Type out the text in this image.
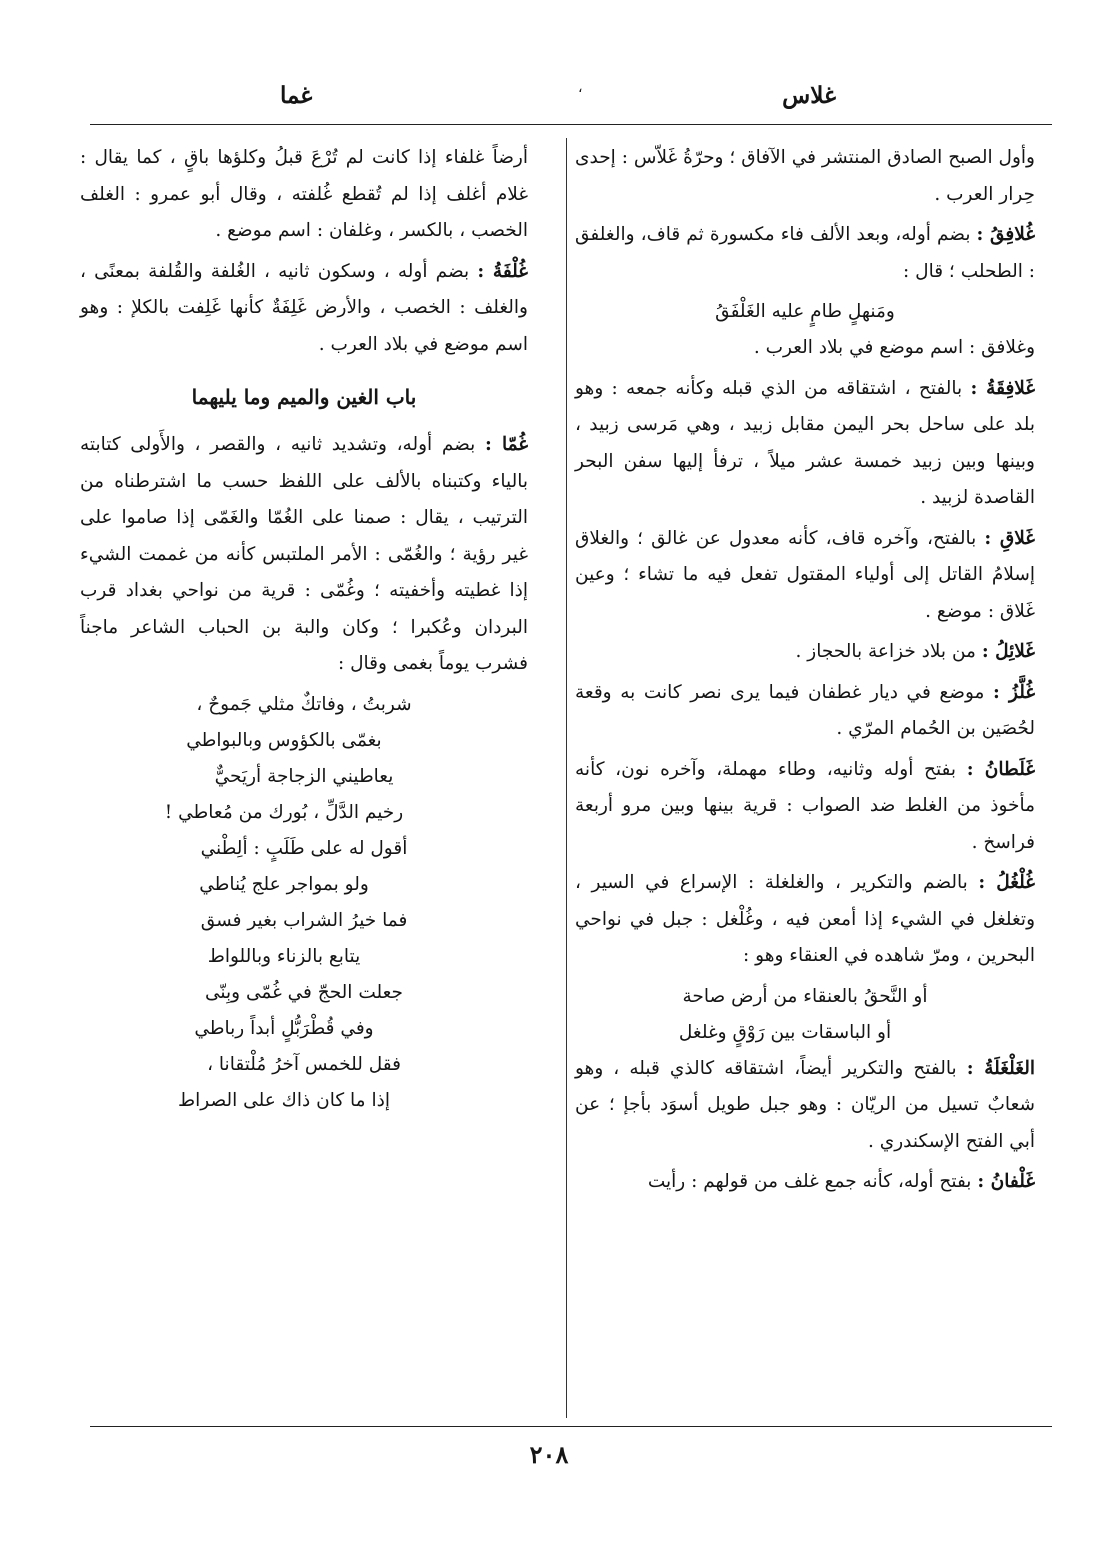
غلاس
،
غما

وأول الصبح الصادق المنتشر في الآفاق ؛ وحرّةُ غَلاّس : إحدى حِرار العرب .

غُلافِقُ : بضم أوله، وبعد الألف فاء مكسورة ثم قاف، والغلفق : الطحلب ؛ قال :

ومَنهلٍ طامٍ عليه الغَلْفَقُ

وغلافق : اسم موضع في بلاد العرب .

غَلافِقَةُ : بالفتح ، اشتقاقه من الذي قبله وكأنه جمعه : وهو بلد على ساحل بحر اليمن مقابل زبيد ، وهي مَرسى زبيد ، وبينها وبين زبيد خمسة عشر ميلاً ، ترفأ إليها سفن البحر القاصدة لزبيد .

غَلاقِ : بالفتح، وآخره قاف، كأنه معدول عن غالق ؛ والغلاق إسلامُ القاتل إلى أولياء المقتول تفعل فيه ما تشاء ؛ وعين غَلاق : موضع .

غَلائِلُ : من بلاد خزاعة بالحجاز .

غُلَّزُ : موضع في ديار غطفان فيما يرى نصر كانت به وقعة لحُصَين بن الحُمام المرّي .

غَلَطانُ : بفتح أوله وثانيه، وطاء مهملة، وآخره نون، كأنه مأخوذ من الغلط ضد الصواب : قرية بينها وبين مرو أربعة فراسخ .

غُلْغُلُ : بالضم والتكرير ، والغلغلة : الإسراع في السير ، وتغلغل في الشيء إذا أمعن فيه ، وغُلْغل : جبل في نواحي البحرين ، ومرّ شاهده في العنقاء وهو :

أو النَّحقُ بالعنقاء من أرض صاحة
أو الباسقات بين رَوْقٍ وغلغل

الغَلْغَلَةُ : بالفتح والتكرير أيضاً، اشتقاقه كالذي قبله ، وهو شعابٌ تسيل من الريّان : وهو جبل طويل أسوَد بأجإ ؛ عن أبي الفتح الإسكندري .

غَلْفانُ : بفتح أوله، كأنه جمع غلف من قولهم : رأيت

أرضاً غلفاء إذا كانت لم تُرْعَ قبلُ وكلؤها باقٍ ، كما يقال : غلام أغلف إذا لم تُقطع غُلفته ، وقال أبو عمرو : الغلف الخصب ، بالكسر ، وغلفان : اسم موضع .

غُلْفَةُ : بضم أوله ، وسكون ثانيه ، الغُلفة والقُلفة بمعنًى ، والغلف : الخصب ، والأرض غَلِفَةٌ كأنها غَلِفت بالكلإ : وهو اسم موضع في بلاد العرب .

باب الغين والميم وما يليهما

غُمّا : بضم أوله، وتشديد ثانيه ، والقصر ، والأَولى كتابته بالياء وكتبناه بالألف على اللفظ حسب ما اشترطناه من الترتيب ، يقال : صمنا على الغُمّا والغَمّى إذا صاموا على غير رؤية ؛ والغُمّى : الأمر الملتبس كأنه من غممت الشيء إذا غطيته وأخفيته ؛ وغُمّى : قرية من نواحي بغداد قرب البردان وعُكبرا ؛ وكان والبة بن الحباب الشاعر ماجناً فشرب يوماً بغمى وقال :

شربتُ ، وفاتكٌ مثلي جَموحٌ ،
بغمّى بالكؤوس وبالبواطي
يعاطيني الزجاجة أريَحيٌّ
رخيم الدَّلِّ ، بُورك من مُعاطي !
أقول له على طَلَبٍ : ألِطْني
ولو بمواجر علج يُناطي
فما خيرُ الشراب بغير فسق
يتابع بالزناء وباللواط
جعلت الحجّ في غُمّى وبِنّى
وفي قُطْرَبُّلٍ أبداً رباطي
فقل للخمس آخرُ مُلْتقانا ،
إذا ما كان ذاك على الصراط
٢٠٨
